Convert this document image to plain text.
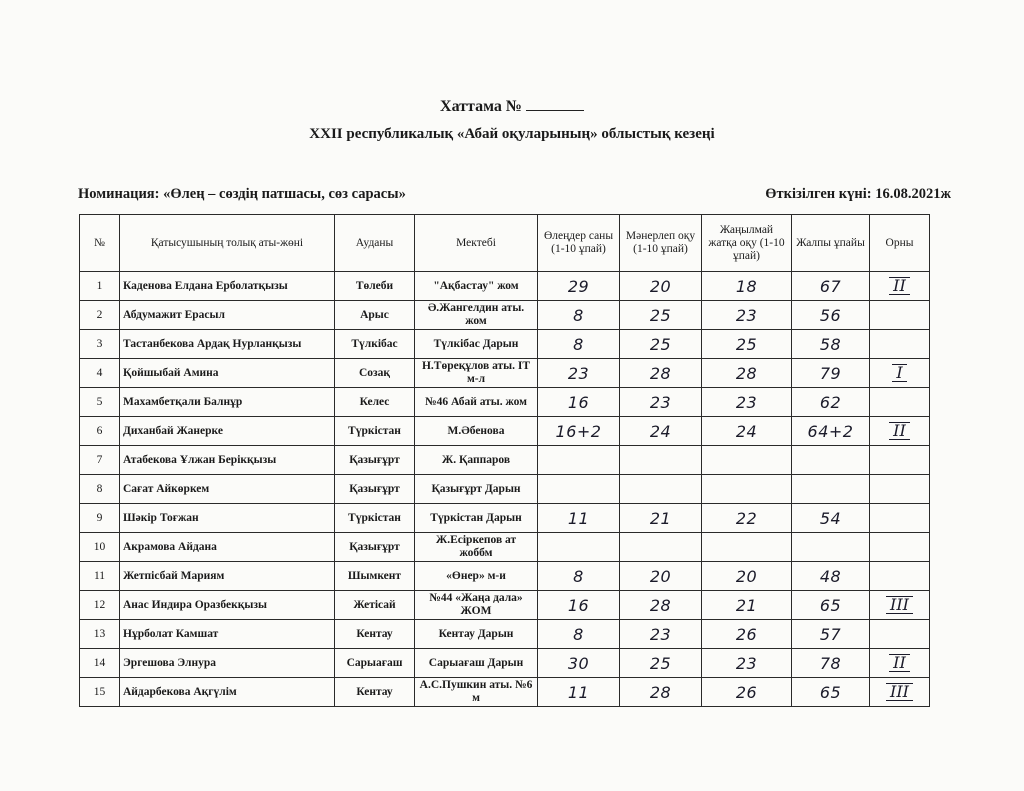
Хаттама №
XXII республикалық «Абай оқуларының» облыстық кезеңі
Номинация: «Өлең – сөздің патшасы, сөз сарасы»	Өткізілген күні: 16.08.2021ж
№	Қатысушының толық аты-жөні	Ауданы	Мектебі	Өлеңдер саны (1-10 ұпай)	Мәнерлеп оқу (1-10 ұпай)	Жаңылмай жатқа оқу (1-10 ұпай)	Жалпы ұпайы	Орны
1	Каденова Елдана Ерболатқызы	Төлеби	"Ақбастау" жом	29	20	18	67	II
2	Абдумажит Ерасыл	Арыс	Ә.Жангелдин аты. жом	8	25	23	56	
3	Тастанбекова Ардақ Нурланқызы	Түлкібас	Түлкібас Дарын	8	25	25	58	
4	Қойшыбай Амина	Созақ	Н.Төреқұлов аты. IT м-л	23	28	28	79	I
5	Махамбетқали Балнұр	Келес	№46 Абай аты. жом	16	23	23	62	
6	Диханбай Жанерке	Түркістан	М.Әбенова	16+2	24	24	64+2	II
7	Атабекова Ұлжан Берікқызы	Қазығұрт	Ж. Қаппаров					
8	Сағат Айкөркем	Қазығұрт	Қазығұрт Дарын					
9	Шәкір Тоғжан	Түркістан	Түркістан Дарын	11	21	22	54	
10	Акрамова Айдана	Қазығұрт	Ж.Есіркепов ат жоббм					
11	Жетпісбай Мариям	Шымкент	«Өнер» м-и	8	20	20	48	
12	Анас Индира Оразбекқызы	Жетісай	№44 «Жаңа дала» ЖОМ	16	28	21	65	III
13	Нұрболат Камшат	Кентау	Кентау Дарын	8	23	26	57	
14	Эргешова Элнура	Сарыағаш	Сарыағаш Дарын	30	25	23	78	II
15	Айдарбекова Ақгүлім	Кентау	А.С.Пушкин аты. №6 м	11	28	26	65	III
